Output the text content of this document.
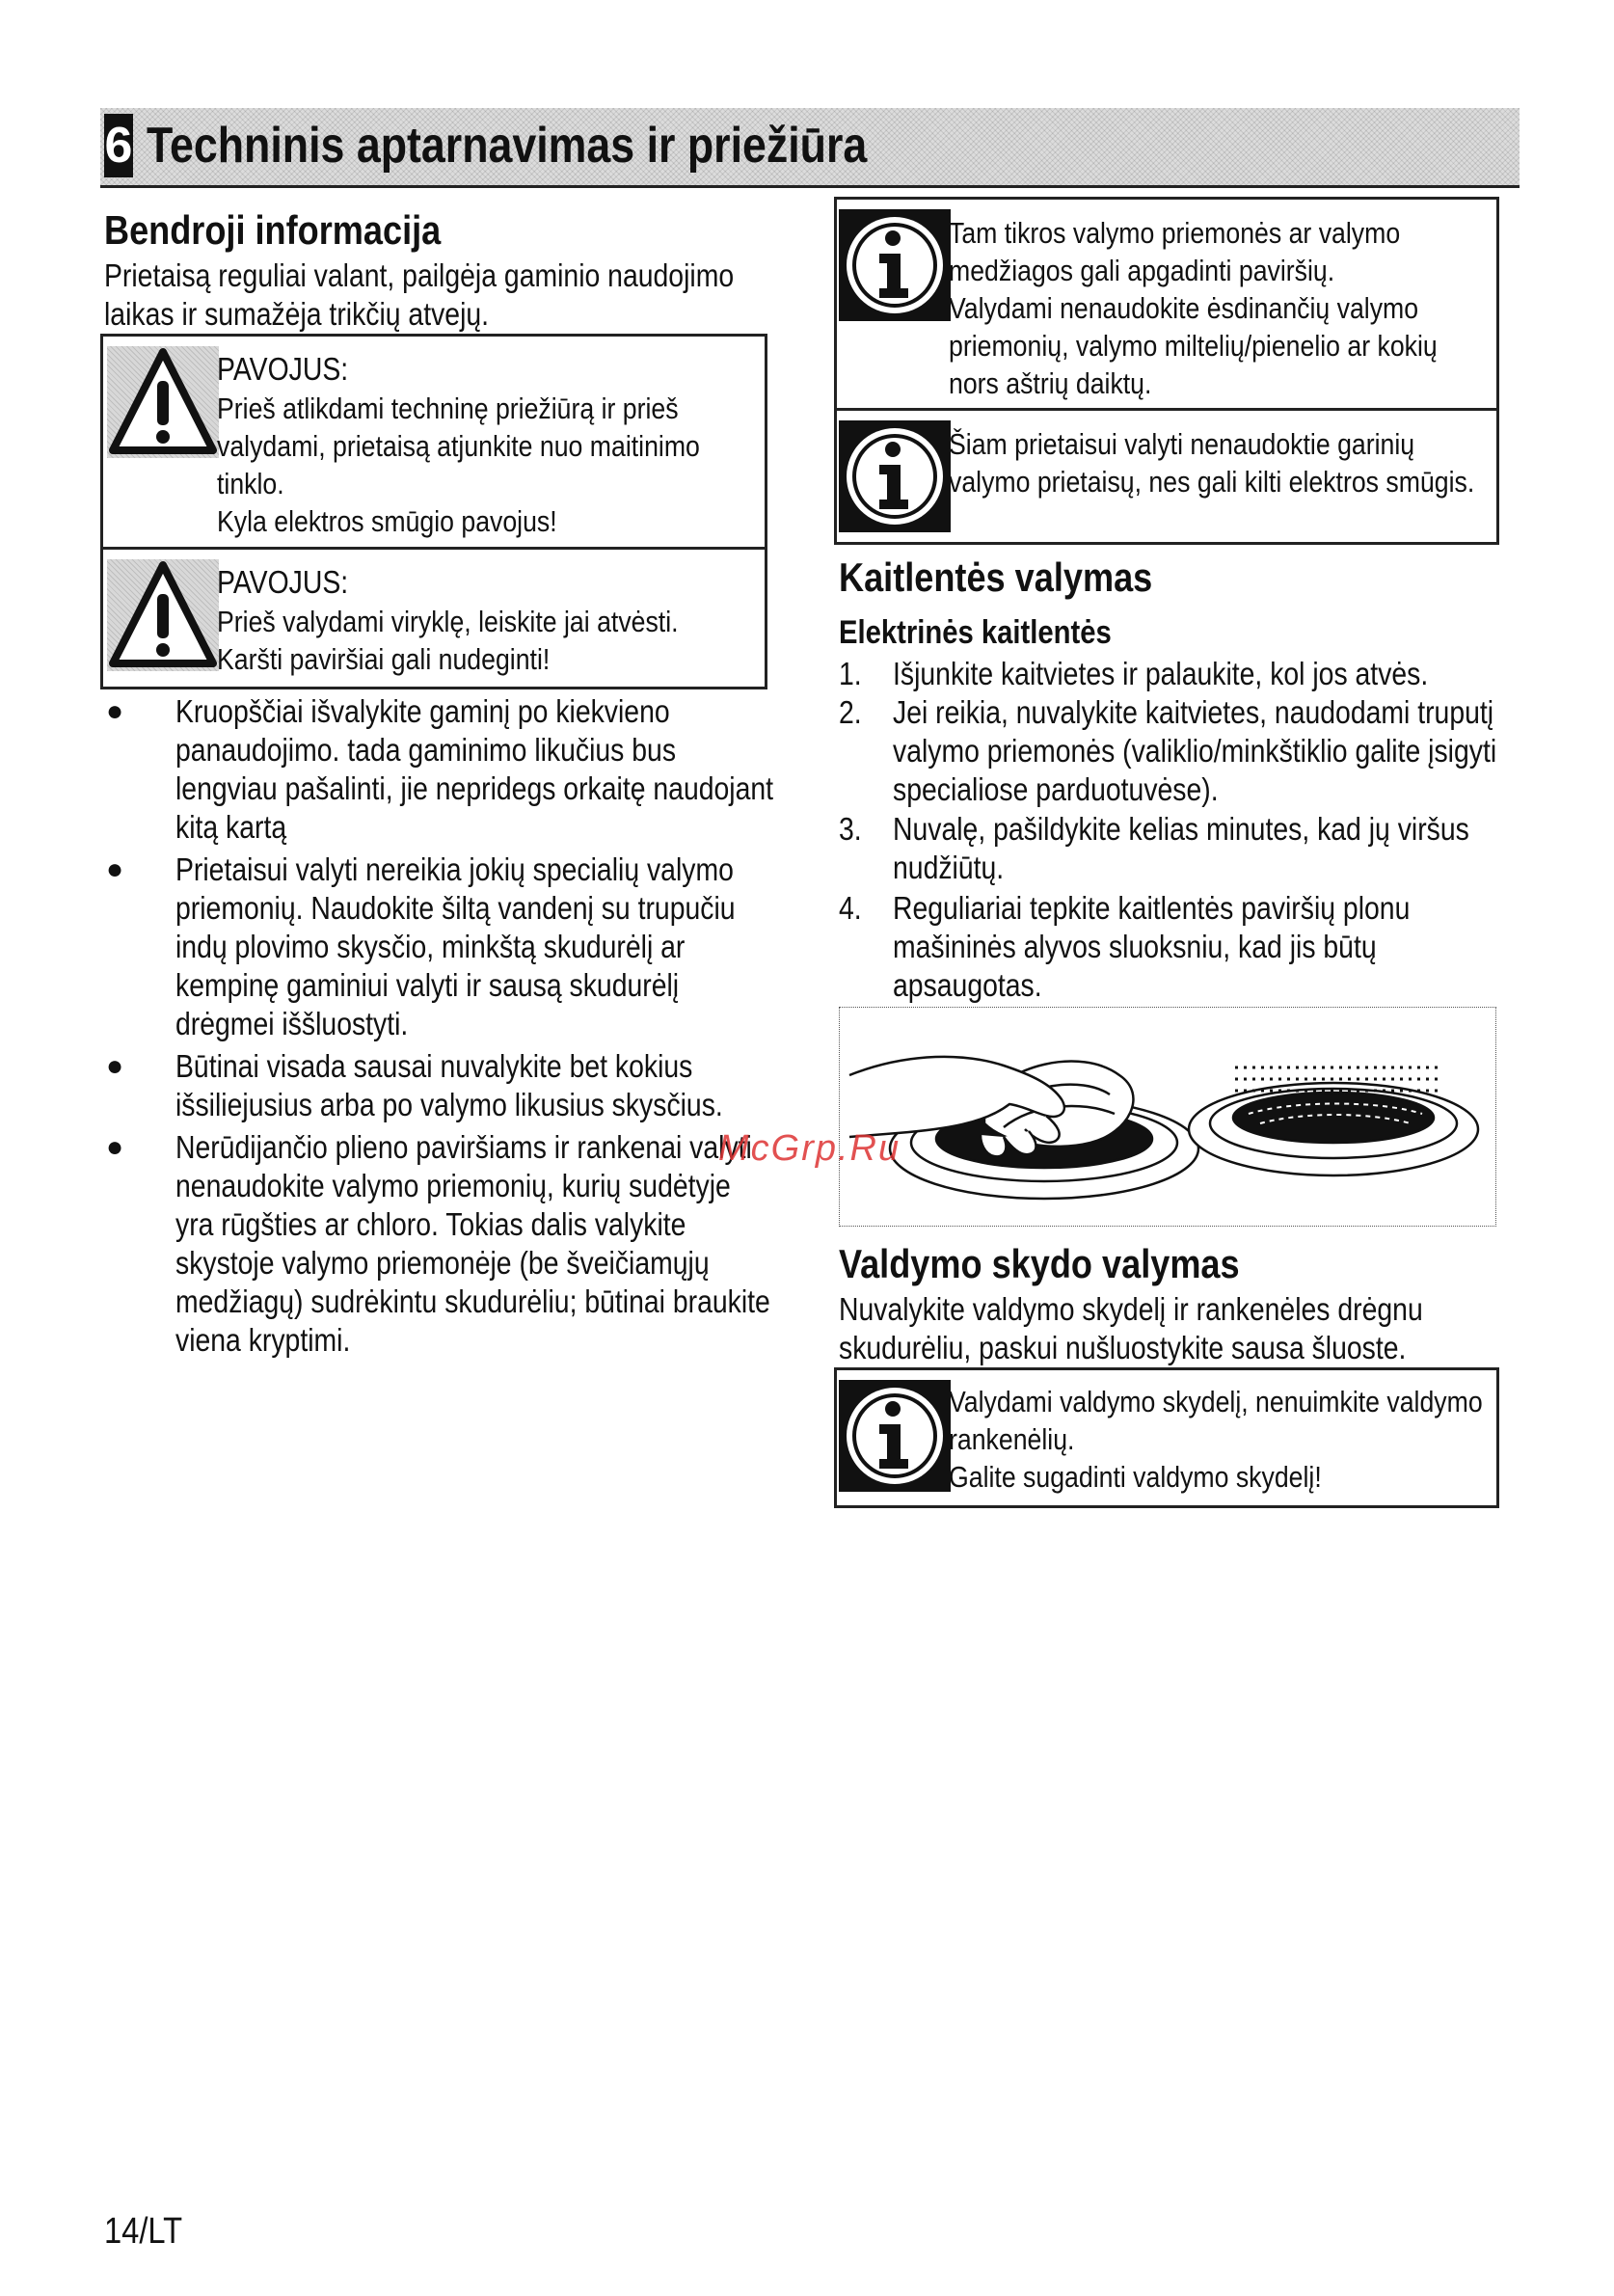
6 Techninis aptarnavimas ir priežiūra
Bendroji informacija
Prietaisą reguliai valant, pailgėja gaminio naudojimo
laikas ir sumažėja trikčių atvejų.
PAVOJUS:
Prieš atlikdami techninę priežiūrą ir prieš
valydami, prietaisą atjunkite nuo maitinimo
tinklo.
Kyla elektros smūgio pavojus!
PAVOJUS:
Prieš valydami viryklę, leiskite jai atvėsti.
Karšti paviršiai gali nudeginti!
● Kruopščiai išvalykite gaminį po kiekvieno
panaudojimo. tada gaminimo likučius bus
lengviau pašalinti, jie nepridegs orkaitę naudojant
kitą kartą
● Prietaisui valyti nereikia jokių specialių valymo
priemonių. Naudokite šiltą vandenį su trupučiu
indų plovimo skysčio, minkštą skudurėlį ar
kempinę gaminiui valyti ir sausą skudurėlį
drėgmei iššluostyti.
● Būtinai visada sausai nuvalykite bet kokius
išsiliejusius arba po valymo likusius skysčius.
● Nerūdijančio plieno paviršiams ir rankenai valyti
nenaudokite valymo priemonių, kurių sudėtyje
yra rūgšties ar chloro. Tokias dalis valykite
skystoje valymo priemonėje (be šveičiamųjų
medžiagų) sudrėkintu skudurėliu; būtinai braukite
viena kryptimi.
Tam tikros valymo priemonės ar valymo
medžiagos gali apgadinti paviršių.
Valydami nenaudokite ėsdinančių valymo
priemonių, valymo miltelių/pienelio ar kokių
nors aštrių daiktų.
Šiam prietaisui valyti nenaudoktie garinių
valymo prietaisų, nes gali kilti elektros smūgis.
Kaitlentės valymas
Elektrinės kaitlentės
1. Išjunkite kaitvietes ir palaukite, kol jos atvės.
2. Jei reikia, nuvalykite kaitvietes, naudodami truputį
valymo priemonės (valiklio/minkštiklio galite įsigyti
specialiose parduotuvėse).
3. Nuvalę, pašildykite kelias minutes, kad jų viršus
nudžiūtų.
4. Reguliariai tepkite kaitlentės paviršių plonu
mašininės alyvos sluoksniu, kad jis būtų
apsaugotas.
Valdymo skydo valymas
Nuvalykite valdymo skydelį ir rankenėles drėgnu
skudurėliu, paskui nušluostykite sausa šluoste.
Valydami valdymo skydelį, nenuimkite valdymo
rankenėlių.
Galite sugadinti valdymo skydelį!
McGrp.Ru
14/LT
